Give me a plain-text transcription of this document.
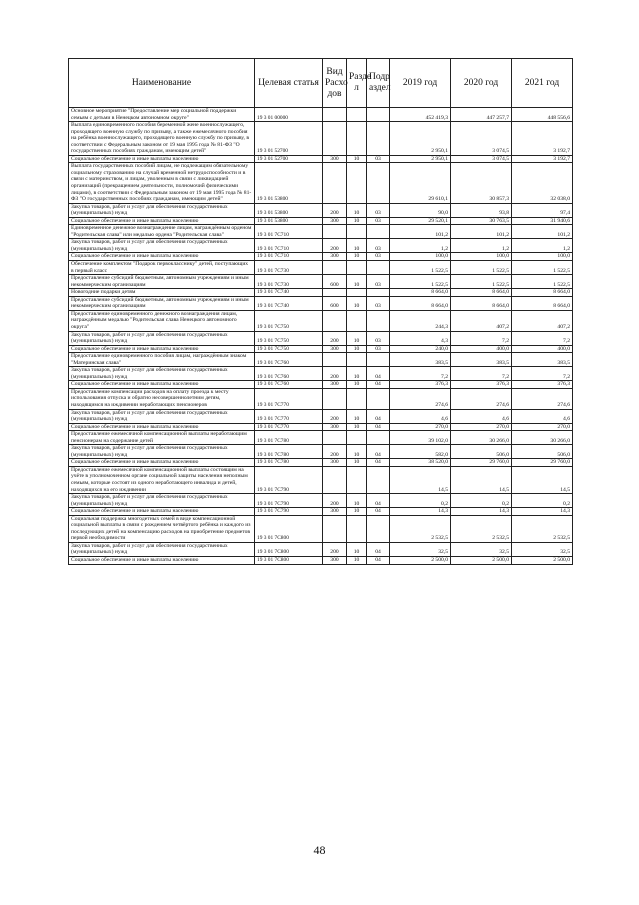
Наименование	Целевая статья	Вид Расхо дов	Разде л	Подр аздел	2019 год	2020 год	2021 год
Основное мероприятие "Предоставление мер социальной поддержки семьям с детьми в Ненецком автономном округе"	19 3 01 00000				452 419,3	447 257,7	448 556,6
Выплата единовременного пособия беременной жене военнослужащего, проходящего военную службу по призыву, а также ежемесячного пособия на ребёнка военнослужащего, проходящего военную службу по призыву, в соответствии с Федеральным законом от 19 мая 1995 года № 81-ФЗ "О государственных пособиях гражданам, имеющим детей"	19 3 01 52700				2 950,1	3 074,5	3 192,7
Социальное обеспечение и иные выплаты населению	19 3 01 52700	300	10	03	2 950,1	3 074,5	3 192,7
Выплата государственных пособий лицам, не подлежащим обязательному социальному страхованию на случай временной нетрудоспособности и в связи с материнством, и лицам, уволенным в связи с ликвидацией организаций (прекращением деятельности, полномочий физическими лицами), в соответствии с Федеральным законом от 19 мая 1995 года № 81-ФЗ "О государственных пособиях гражданам, имеющим детей"	19 3 01 53800				29 610,1	30 857,3	32 038,0
Закупка товаров, работ и услуг для обеспечения государственных (муниципальных) нужд	19 3 01 53800	200	10	03	90,0	93,8	97,4
Социальное обеспечение и иные выплаты населению	19 3 01 53800	300	10	03	29 520,1	30 763,5	31 940,6
Единовременное денежное вознаграждение лицам, награждённым орденом "Родительская слава" или медалью ордена "Родительская слава"	19 3 01 7С710				101,2	101,2	101,2
Закупка товаров, работ и услуг для обеспечения государственных (муниципальных) нужд	19 3 01 7С710	200	10	03	1,2	1,2	1,2
Социальное обеспечение и иные выплаты населению	19 3 01 7С710	300	10	03	100,0	100,0	100,0
Обеспечение комплектом "Подарок первокласснику" детей, поступающих в первый класс	19 3 01 7С730				1 522,5	1 522,5	1 522,5
Предоставление субсидий бюджетным, автономным учреждениям и иным некоммерческим организациям	19 3 01 7С730	600	10	03	1 522,5	1 522,5	1 522,5
Новогодние подарки детям	19 3 01 7С740				8 664,0	8 664,0	8 664,0
Предоставление субсидий бюджетным, автономным учреждениям и иным некоммерческим организациям	19 3 01 7С740	600	10	03	8 664,0	8 664,0	8 664,0
Предоставление единовременного денежного вознаграждения лицам, награждённым медалью "Родительская слава Ненецкого автономного округа"	19 3 01 7С750				244,3	407,2	407,2
Закупка товаров, работ и услуг для обеспечения государственных (муниципальных) нужд	19 3 01 7С750	200	10	03	4,3	7,2	7,2
Социальное обеспечение и иные выплаты населению	19 3 01 7С750	300	10	03	240,0	400,0	400,0
Предоставление единовременного пособия лицам, награждённым знаком "Материнская слава"	19 3 01 7С760				383,5	383,5	383,5
Закупка товаров, работ и услуг для обеспечения государственных (муниципальных) нужд	19 3 01 7С760	200	10	04	7,2	7,2	7,2
Социальное обеспечение и иные выплаты населению	19 3 01 7С760	300	10	04	376,3	376,3	376,3
Предоставление компенсации расходов на оплату проезда к месту использования отпуска и обратно несовершеннолетним детям, находящимся на иждивении неработающих пенсионеров	19 3 01 7С770				274,6	274,6	274,6
Закупка товаров, работ и услуг для обеспечения государственных (муниципальных) нужд	19 3 01 7С770	200	10	04	4,6	4,6	4,6
Социальное обеспечение и иные выплаты населению	19 3 01 7С770	300	10	04	270,0	270,0	270,0
Предоставление ежемесячной компенсационной выплаты неработающим пенсионерам на содержание детей	19 3 01 7С780				39 102,0	30 266,0	30 266,0
Закупка товаров, работ и услуг для обеспечения государственных (муниципальных) нужд	19 3 01 7С780	200	10	04	582,0	506,0	506,0
Социальное обеспечение и иные выплаты населению	19 3 01 7С780	300	10	04	38 520,0	29 760,0	29 760,0
Предоставление ежемесячной компенсационной выплаты состоящим на учёте в уполномоченном органе социальной защиты населения неполным семьям, которые состоят из одного неработающего инвалида и детей, находящихся на его иждивении	19 3 01 7С790				14,5	14,5	14,5
Закупка товаров, работ и услуг для обеспечения государственных (муниципальных) нужд	19 3 01 7С790	200	10	04	0,2	0,2	0,2
Социальное обеспечение и иные выплаты населению	19 3 01 7С790	300	10	04	14,3	14,3	14,3
Социальная поддержка многодетных семей в виде компенсационной социальной выплаты в связи с рождением четвёртого ребёнка и каждого из последующих детей на компенсацию расходов на приобретение предметов первой необходимости	19 3 01 7С800				2 532,5	2 532,5	2 532,5
Закупка товаров, работ и услуг для обеспечения государственных (муниципальных) нужд	19 3 01 7С800	200	10	04	32,5	32,5	32,5
Социальное обеспечение и иные выплаты населению	19 3 01 7С800	300	10	04	2 500,0	2 500,0	2 500,0
48
